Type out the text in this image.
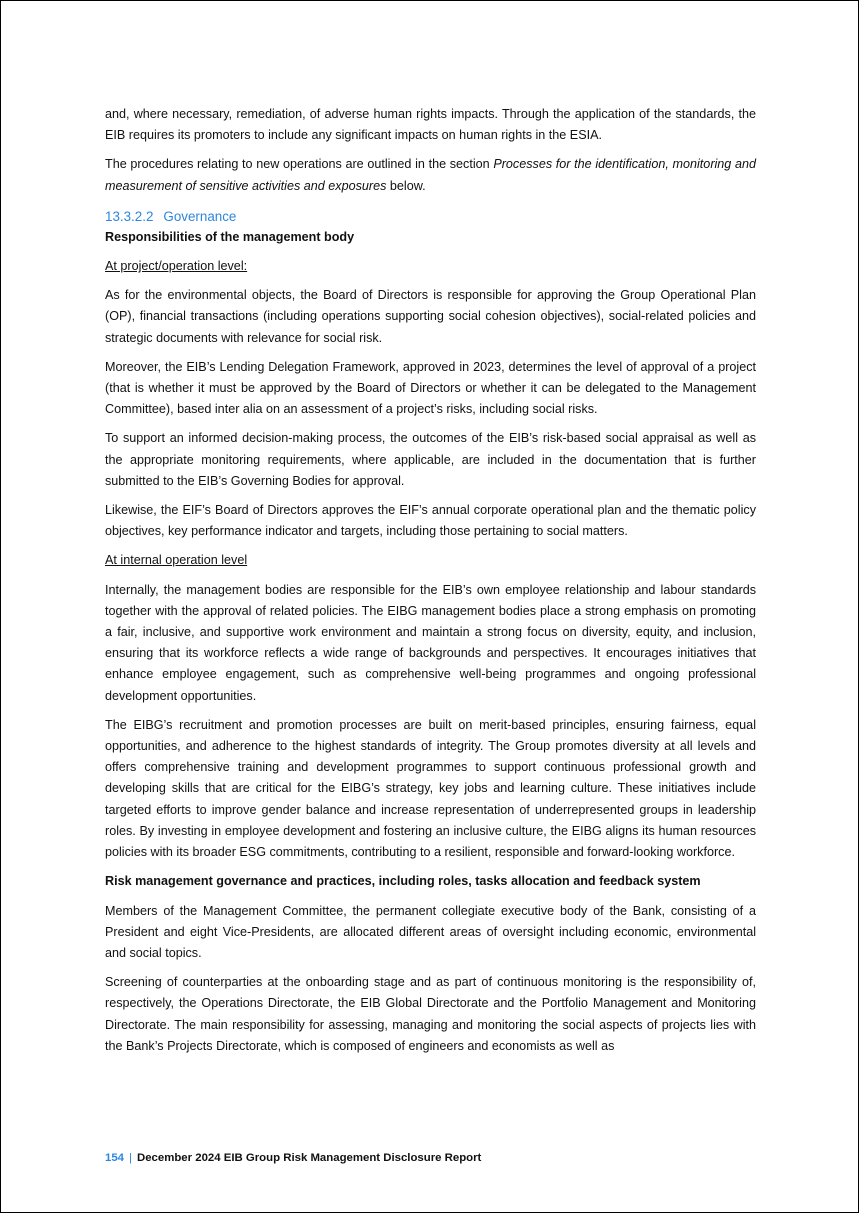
and, where necessary, remediation, of adverse human rights impacts. Through the application of the standards, the EIB requires its promoters to include any significant impacts on human rights in the ESIA.

The procedures relating to new operations are outlined in the section Processes for the identification, monitoring and measurement of sensitive activities and exposures below.

13.3.2.2 Governance

Responsibilities of the management body

At project/operation level:

As for the environmental objects, the Board of Directors is responsible for approving the Group Operational Plan (OP), financial transactions (including operations supporting social cohesion objectives), social-related policies and strategic documents with relevance for social risk.

Moreover, the EIB’s Lending Delegation Framework, approved in 2023, determines the level of approval of a project (that is whether it must be approved by the Board of Directors or whether it can be delegated to the Management Committee), based inter alia on an assessment of a project’s risks, including social risks.

To support an informed decision-making process, the outcomes of the EIB’s risk-based social appraisal as well as the appropriate monitoring requirements, where applicable, are included in the documentation that is further submitted to the EIB’s Governing Bodies for approval.

Likewise, the EIF’s Board of Directors approves the EIF’s annual corporate operational plan and the thematic policy objectives, key performance indicator and targets, including those pertaining to social matters.

At internal operation level

Internally, the management bodies are responsible for the EIB’s own employee relationship and labour standards together with the approval of related policies. The EIBG management bodies place a strong emphasis on promoting a fair, inclusive, and supportive work environment and maintain a strong focus on diversity, equity, and inclusion, ensuring that its workforce reflects a wide range of backgrounds and perspectives. It encourages initiatives that enhance employee engagement, such as comprehensive well-being programmes and ongoing professional development opportunities.

The EIBG’s recruitment and promotion processes are built on merit-based principles, ensuring fairness, equal opportunities, and adherence to the highest standards of integrity. The Group promotes diversity at all levels and offers comprehensive training and development programmes to support continuous professional growth and developing skills that are critical for the EIBG’s strategy, key jobs and learning culture. These initiatives include targeted efforts to improve gender balance and increase representation of underrepresented groups in leadership roles. By investing in employee development and fostering an inclusive culture, the EIBG aligns its human resources policies with its broader ESG commitments, contributing to a resilient, responsible and forward-looking workforce.

Risk management governance and practices, including roles, tasks allocation and feedback system

Members of the Management Committee, the permanent collegiate executive body of the Bank, consisting of a President and eight Vice-Presidents, are allocated different areas of oversight including economic, environmental and social topics.

Screening of counterparties at the onboarding stage and as part of continuous monitoring is the responsibility of, respectively, the Operations Directorate, the EIB Global Directorate and the Portfolio Management and Monitoring Directorate. The main responsibility for assessing, managing and monitoring the social aspects of projects lies with the Bank’s Projects Directorate, which is composed of engineers and economists as well as

154 | December 2024 EIB Group Risk Management Disclosure Report
